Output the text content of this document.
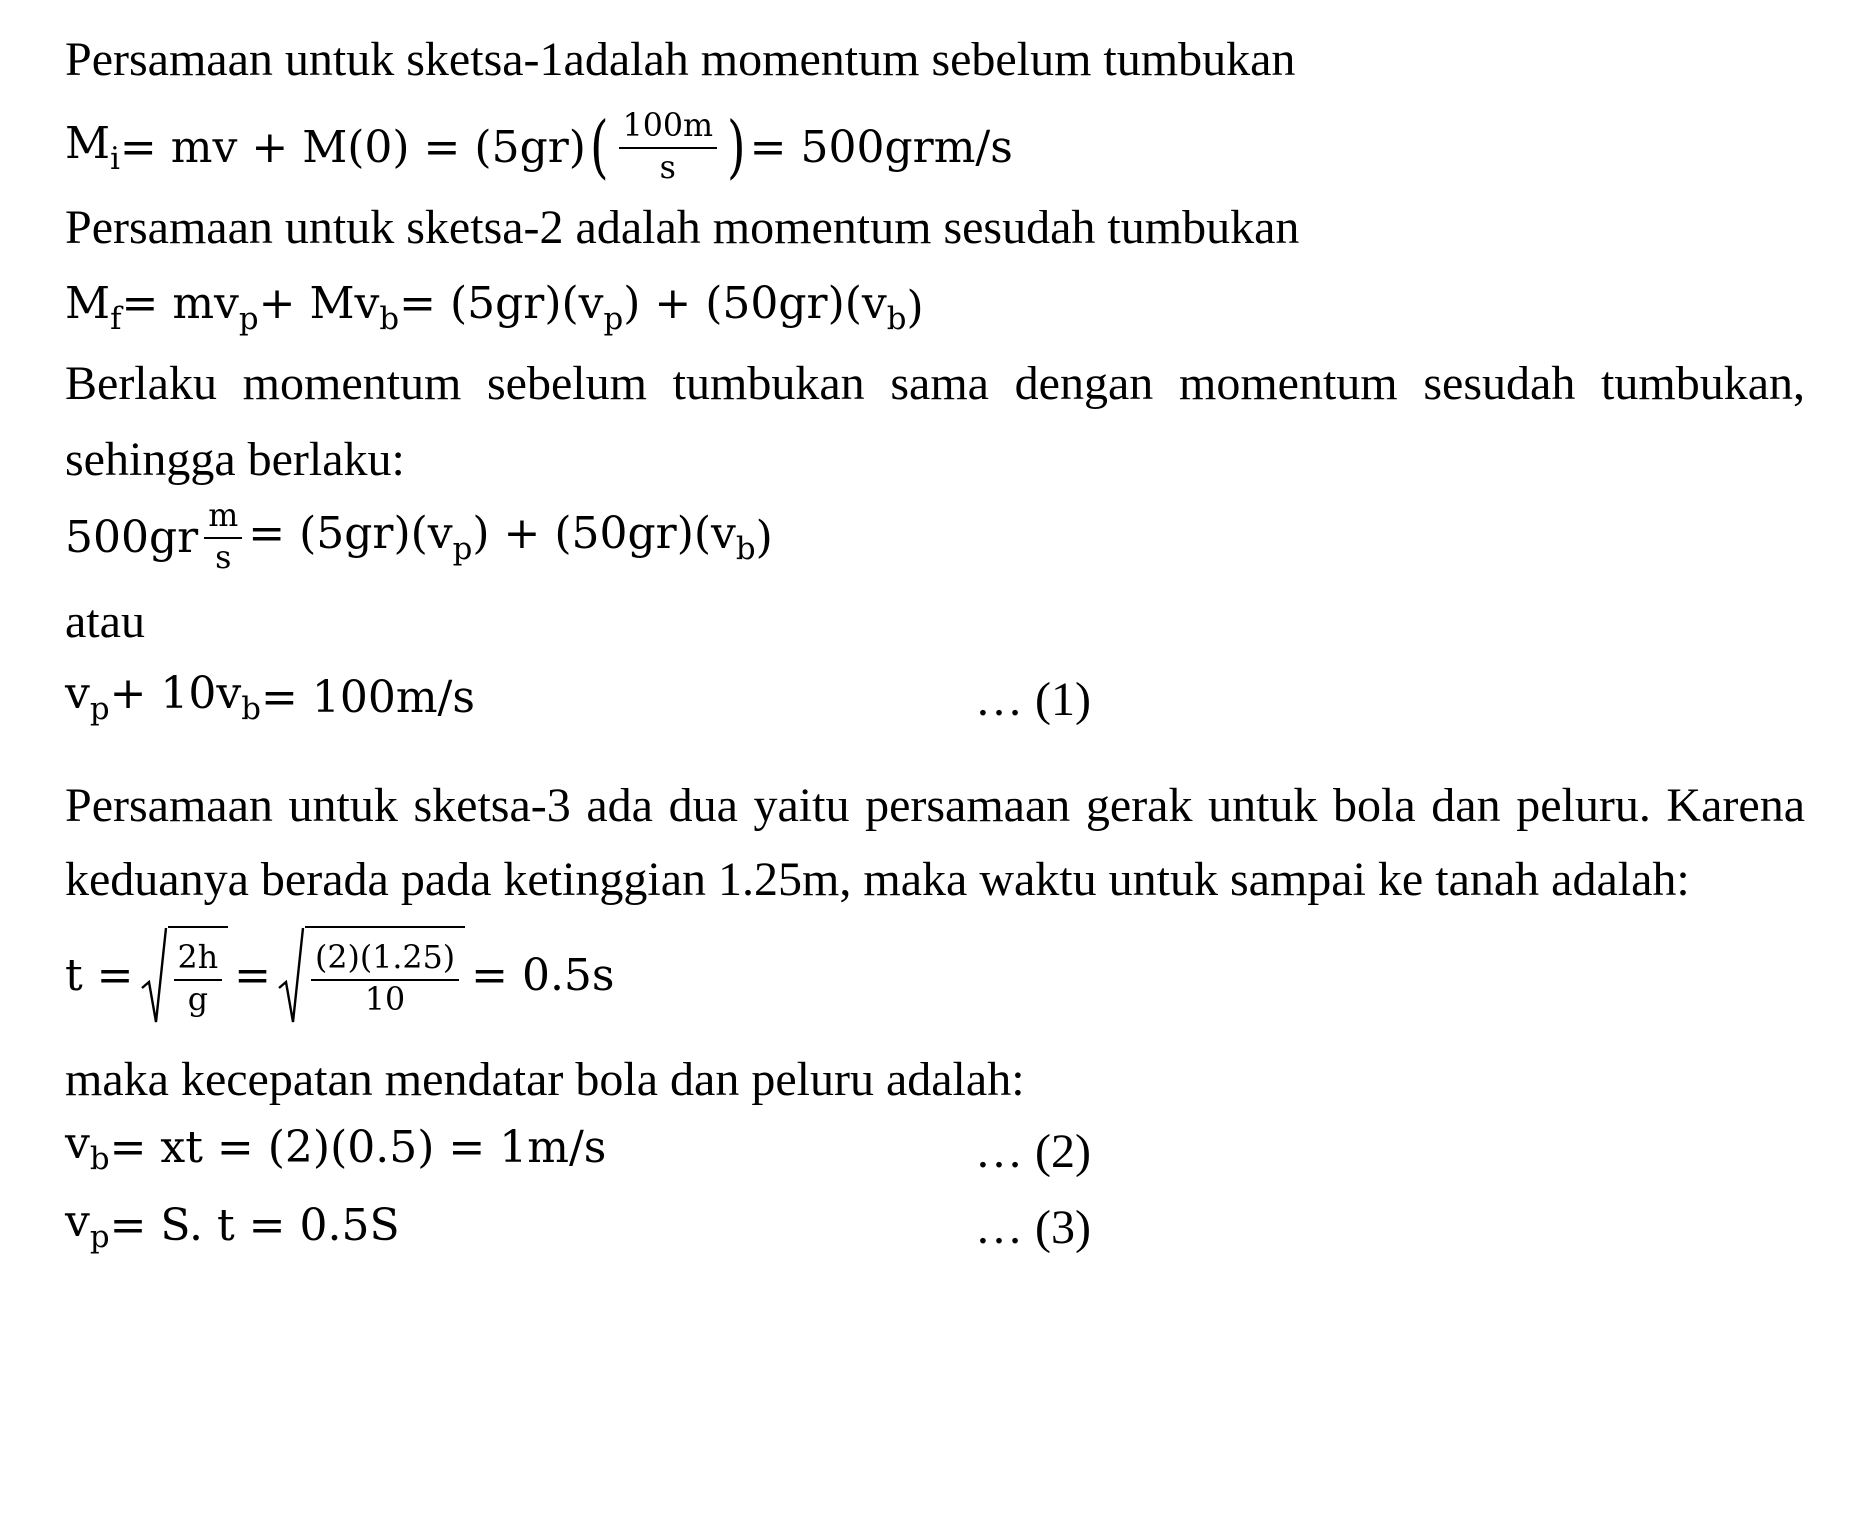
Persamaan untuk sketsa-1adalah momentum sebelum tumbukan
$M_i$ = mv + M(0) = (5gr) ( $\frac{100m}{s}$ ) = 500grm/s
Persamaan untuk sketsa-2 adalah momentum sesudah tumbukan
$M_f = mv_p + Mv_b = (5gr)(v_p$ ) + $(50gr)(v_b$ )
Berlaku momentum sebelum tumbukan sama dengan momentum sesudah tumbukan,
sehingga berlaku:
$500gr \frac{m}{s} = (5gr)(v_p$ ) + $(50gr)(v_b$ )
atau
$v_p + 10v_b = 100m/s$	… (1)
Persamaan untuk sketsa-3 ada dua yaitu persamaan gerak untuk bola dan peluru. Karena
keduanya berada pada ketinggian 1.25m, maka waktu untuk sampai ke tanah adalah:
$t = \frac{2h}{g} = \frac{(2)(1.25)}{10} = 0.5s$
maka kecepatan mendatar bola dan peluru adalah:
$v_b$ = xt = (2)(0.5) = 1m/s	… (2)
$v_p = S$. t = 0.5S	… (3)
